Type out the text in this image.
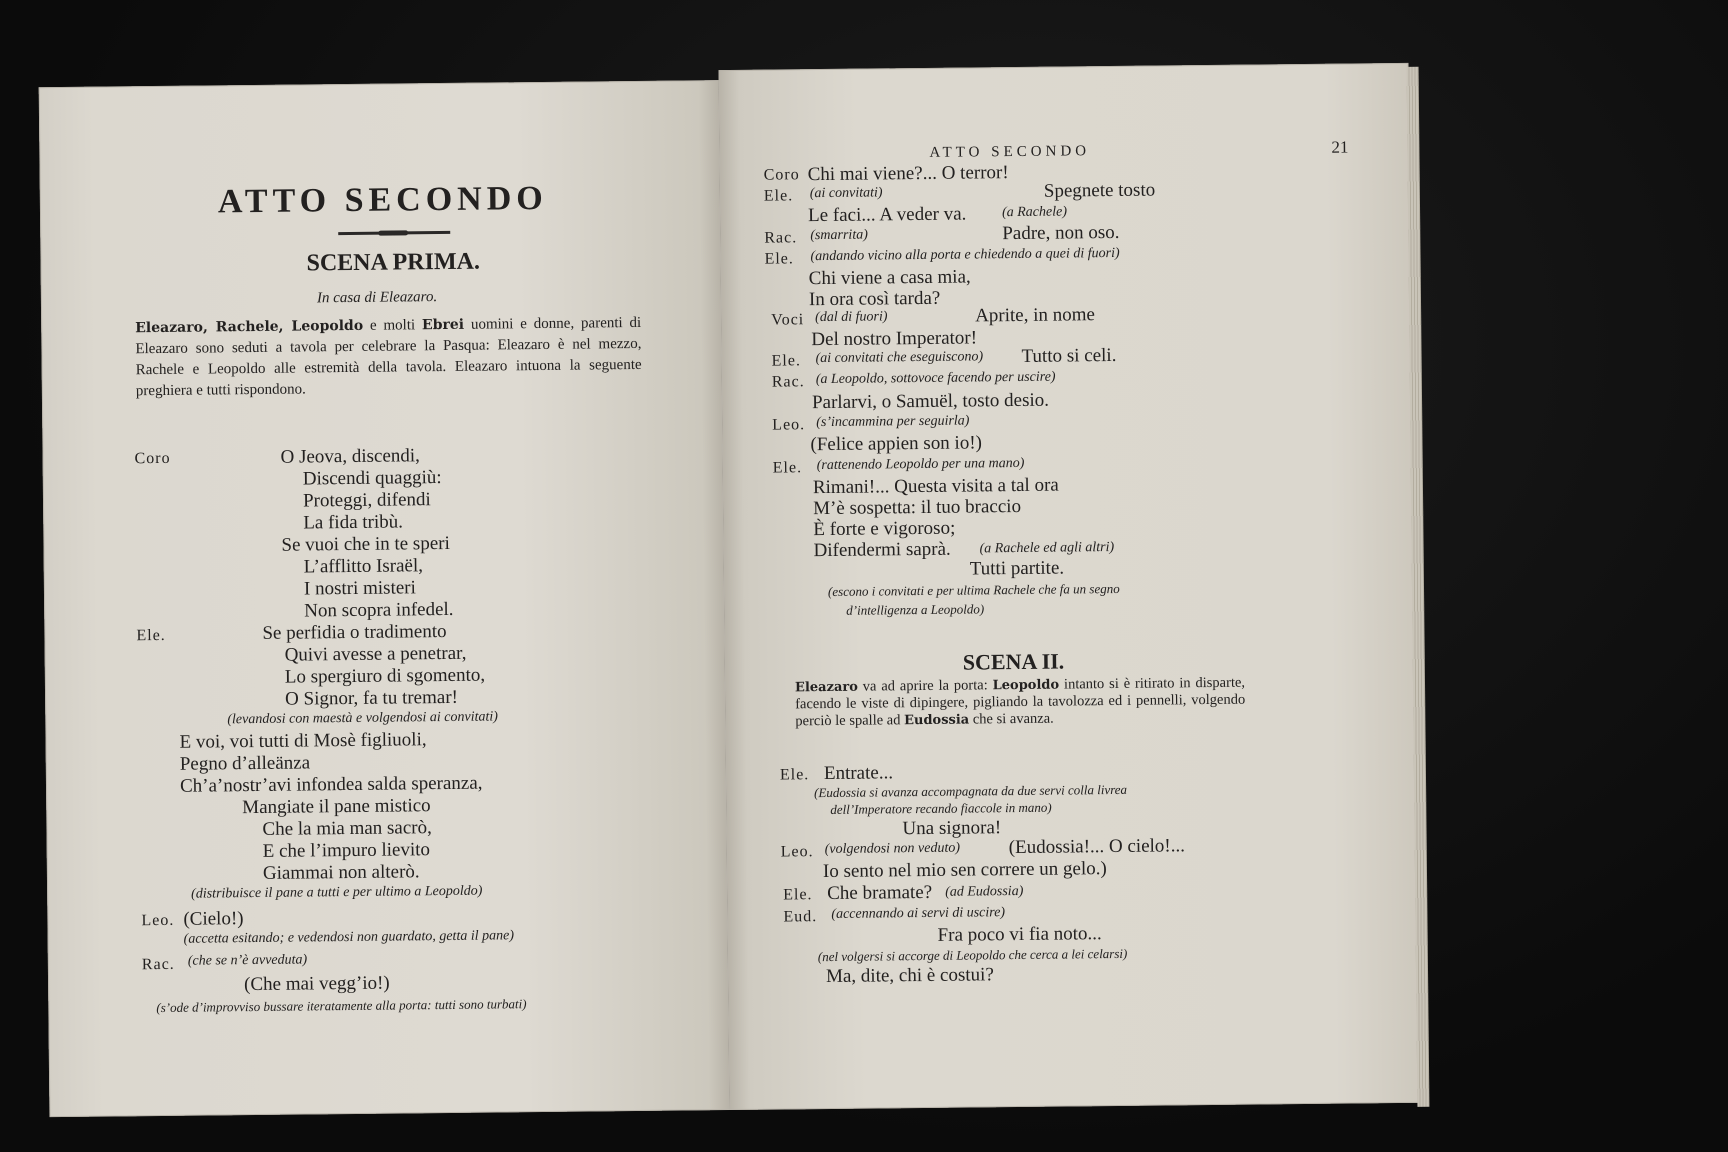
ATTO SECONDO
SCENA PRIMA.
In casa di Eleazaro.
Eleazaro, Rachele, Leopoldo e molti Ebrei uomini e donne, parenti di Eleazaro sono seduti a tavola per celebrare la Pasqua: Eleazaro è nel mezzo, Rachele e Leopoldo alle estremità della tavola. Eleazaro intuona la seguente preghiera e tutti rispondono.
Coro	O Jeova, discendi,
Discendi quaggiù:
Proteggi, difendi
La fida tribù.
Se vuoi che in te speri
L’afflitto Israël,
I nostri misteri
Non scopra infedel.
Ele.	Se perfidia o tradimento
Quivi avesse a penetrar,
Lo spergiuro di sgomento,
O Signor, fa tu tremar!
(levandosi con maestà e volgendosi ai convitati)
E voi, voi tutti di Mosè figliuoli,
Pegno d’alleänza
Ch’a’nostr’avi infondea salda speranza,
Mangiate il pane mistico
Che la mia man sacrò,
E che l’impuro lievito
Giammai non alterò.
(distribuisce il pane a tutti e per ultimo a Leopoldo)
Leo. (Cielo!)
(accetta esitando; e vedendosi non guardato, getta il pane)
Rac. (che se n’è avveduta)
(Che mai vegg’io!)
(s’ode d’improvviso bussare iteratamente alla porta: tutti sono turbati)
ATTO SECONDO	21
Coro Chi mai viene?... O terror!
Ele. (ai convitati)	Spegnete tosto
Le faci... A veder va.	(a Rachele)
Rac. (smarrita)	Padre, non oso.
Ele. (andando vicino alla porta e chiedendo a quei di fuori)
Chi viene a casa mia,
In ora così tarda?
Voci (dal di fuori)	Aprite, in nome
Del nostro Imperator!
Ele. (ai convitati che eseguiscono) Tutto si celi.
Rac. (a Leopoldo, sottovoce facendo per uscire)
Parlarvi, o Samuël, tosto desio.
Leo. (s’incammina per seguirla)
(Felice appien son io!)
Ele. (rattenendo Leopoldo per una mano)
Rimani!... Questa visita a tal ora
M’è sospetta: il tuo braccio
È forte e vigoroso;
Difendermi saprà. (a Rachele ed agli altri)
Tutti partite.
(escono i convitati e per ultima Rachele che fa un segno
d’intelligenza a Leopoldo)
SCENA II.
Eleazaro va ad aprire la porta: Leopoldo intanto si è ritirato in disparte, facendo le viste di dipingere, pigliando la tavolozza ed i pennelli, volgendo perciò le spalle ad Eudossia che si avanza.
Ele. Entrate...
(Eudossia si avanza accompagnata da due servi colla livrea
dell’Imperatore recando fiaccole in mano)
Una signora!
Leo. (volgendosi non veduto)	(Eudossia!... O cielo!...
Io sento nel mio sen correre un gelo.)
Ele. Che bramate? (ad Eudossia)
Eud. (accennando ai servi di uscire)
Fra poco vi fia noto...
(nel volgersi si accorge di Leopoldo che cerca a lei celarsi)
Ma, dite, chi è costui?
